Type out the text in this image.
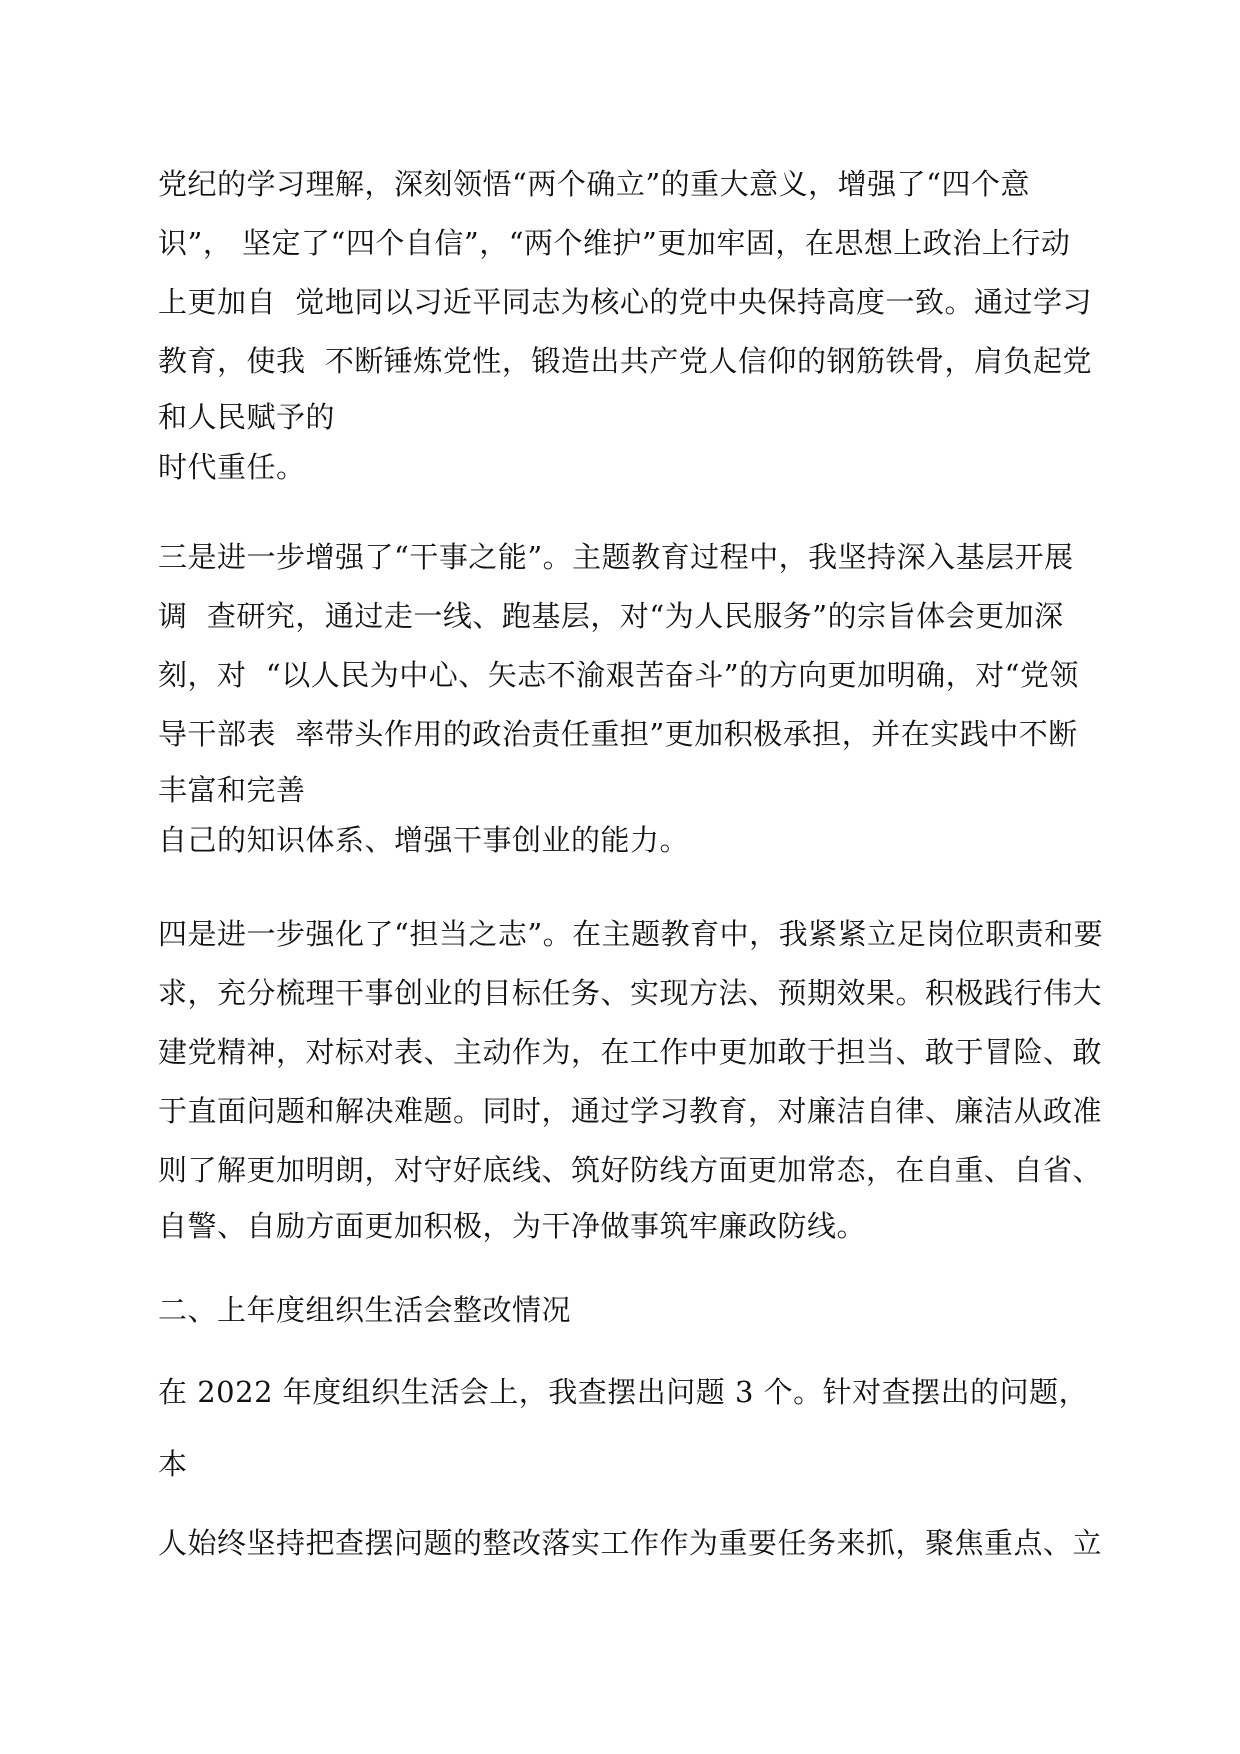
党纪的学习理解，深刻领悟“两个确立”的重大意义，增强了“四个意
识”， 坚定了“四个自信”，“两个维护”更加牢固，在思想上政治上行动
上更加自  觉地同以习近平同志为核心的党中央保持高度一致。通过学习
教育，使我  不断锤炼党性，锻造出共产党人信仰的钢筋铁骨，肩负起党
和人民赋予的
时代重任。
三是进一步增强了“干事之能”。主题教育过程中，我坚持深入基层开展
调  查研究，通过走一线、跑基层，对“为人民服务”的宗旨体会更加深
刻，对  “以人民为中心、矢志不渝艰苦奋斗”的方向更加明确，对“党领
导干部表  率带头作用的政治责任重担”更加积极承担，并在实践中不断
丰富和完善
自己的知识体系、增强干事创业的能力。
四是进一步强化了“担当之志”。在主题教育中，我紧紧立足岗位职责和要
求，充分梳理干事创业的目标任务、实现方法、预期效果。积极践行伟大
建党精神，对标对表、主动作为，在工作中更加敢于担当、敢于冒险、敢
于直面问题和解决难题。同时，通过学习教育，对廉洁自律、廉洁从政准
则了解更加明朗，对守好底线、筑好防线方面更加常态，在自重、自省、
自警、自励方面更加积极，为干净做事筑牢廉政防线。
二、上年度组织生活会整改情况
在 2022 年度组织生活会上，我查摆出问题 3 个。针对查摆出的问题，
本
人始终坚持把查摆问题的整改落实工作作为重要任务来抓，聚焦重点、立
